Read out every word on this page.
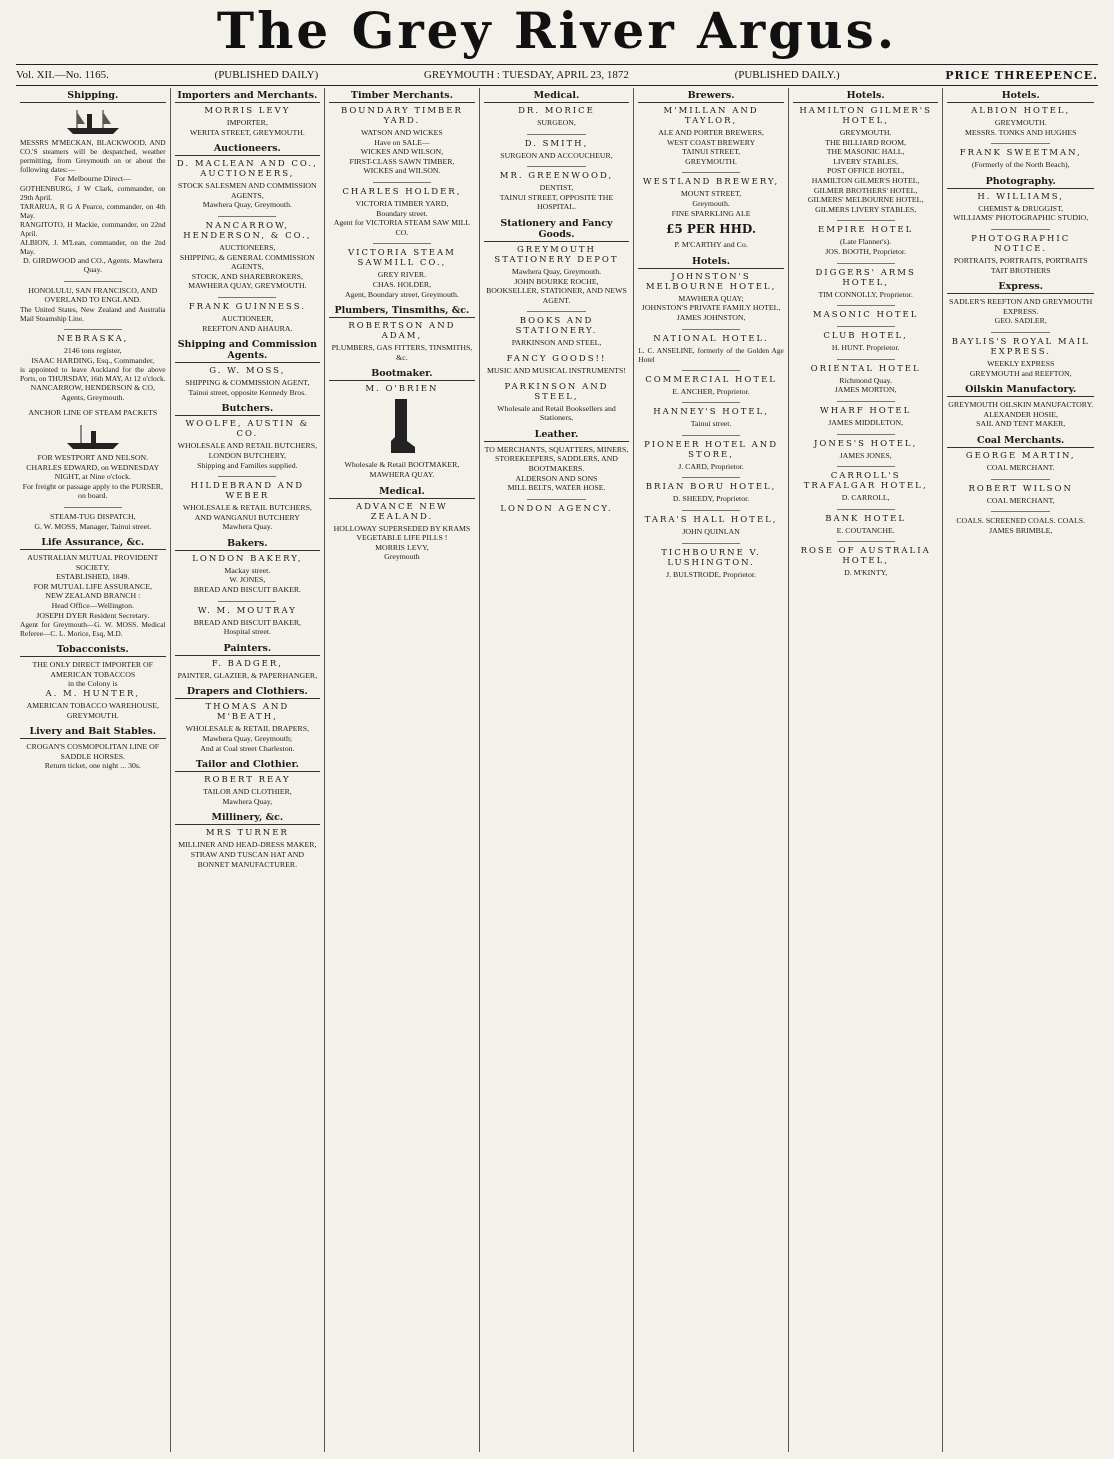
The Grey River Argus.
Vol. XII.—No. 1165.	(PUBLISHED DAILY)	GREYMOUTH : TUESDAY, APRIL 23, 1872	(PUBLISHED DAILY.)	PRICE THREEPENCE.
Shipping.
MESSRS M'MECKAN, BLACKWOOD, AND CO.'S steamers will be despatched, weather permitting, from Greymouth on or about the following dates:—
For Melbourne Direct—
GOTHENBURG, J W Clark, commander, on 29th April.
TARARUA, R G A Pearce, commander, on 4th May.
RANGITOTO, H Mackie, commander, on 22nd April.
ALBION, J. M'Lean, commander, on the 2nd May.
D. GIRDWOOD and CO., Agents. Mawhera Quay.
HONOLULU, SAN FRANCISCO, AND OVERLAND TO ENGLAND.
The United States, New Zealand and Australia Mail Steamship Line.
NEBRASKA,
2146 tons register,
ISAAC HARDING, Esq., Commander,
is appointed to leave Auckland for the above Ports, on THURSDAY, 16th MAY, At 12 o'clock.
NANCARROW, HENDERSON & CO, Agents, Greymouth.
ANCHOR LINE OF STEAM PACKETS
FOR WESTPORT AND NELSON.
CHARLES EDWARD, on WEDNESDAY NIGHT, at Nine o'clock.
For freight or passage apply to the PURSER, on board.
STEAM-TUG DISPATCH,
G. W. MOSS, Manager, Tainui street.
Life Assurance, &c.
AUSTRALIAN MUTUAL PROVIDENT SOCIETY.
ESTABLISHED, 1849.
FOR MUTUAL LIFE ASSURANCE,
NEW ZEALAND BRANCH :
Head Office—Wellington.
JOSEPH DYER Resident Secretary.
Agent for Greymouth—G. W. MOSS. Medical Referee—C. L. Morice, Esq, M.D.
Tobacconists.
THE ONLY DIRECT IMPORTER OF AMERICAN TOBACCOS
in the Colony is
A. M. HUNTER,
AMERICAN TOBACCO WAREHOUSE, GREYMOUTH.
Livery and Bait Stables.
CROGAN'S COSMOPOLITAN LINE OF SADDLE HORSES.
Return ticket, one night ... 30s.
Importers and Merchants.
MORRIS LEVY
IMPORTER,
WERITA STREET, GREYMOUTH.
Auctioneers.
D. MACLEAN AND CO., AUCTIONEERS,
STOCK SALESMEN AND COMMISSION AGENTS,
Mawhera Quay, Greymouth.
NANCARROW, HENDERSON, & CO.,
AUCTIONEERS,
SHIPPING, & GENERAL COMMISSION AGENTS,
STOCK, AND SHAREBROKERS,
MAWHERA QUAY, GREYMOUTH.
FRANK GUINNESS.
AUCTIONEER,
REEFTON AND AHAURA.
Shipping and Commission Agents.
G. W. MOSS,
SHIPPING & COMMISSION AGENT,
Tainui street, opposite Kennedy Bros.
Butchers.
WOOLFE, AUSTIN & CO.
WHOLESALE AND RETAIL BUTCHERS,
LONDON BUTCHERY,
Shipping and Families supplied.
HILDEBRAND AND WEBER
WHOLESALE & RETAIL BUTCHERS,
AND WANGANUI BUTCHERY
Mawhera Quay.
Bakers.
LONDON BAKERY,
Mackay street.
W. JONES,
BREAD AND BISCUIT BAKER.
W. M. MOUTRAY
BREAD AND BISCUIT BAKER,
Hospital street.
Painters.
F. BADGER,
PAINTER, GLAZIER, & PAPERHANGER,
Drapers and Clothiers.
THOMAS AND M'BEATH,
WHOLESALE & RETAIL DRAPERS,
Mawhera Quay, Greymouth;
And at Coal street Charleston.
Tailor and Clothier.
ROBERT REAY
TAILOR AND CLOTHIER,
Mawhera Quay,
Millinery, &c.
MRS TURNER
MILLINER AND HEAD-DRESS MAKER,
STRAW AND TUSCAN HAT AND BONNET MANUFACTURER.
Timber Merchants.
BOUNDARY TIMBER YARD.
WATSON AND WICKES
Have on SALE—
WICKES AND WILSON,
FIRST-CLASS SAWN TIMBER,
WICKES and WILSON.
CHARLES HOLDER,
VICTORIA TIMBER YARD,
Boundary street.
Agent for VICTORIA STEAM SAW MILL CO.
VICTORIA STEAM SAWMILL CO.,
GREY RIVER.
CHAS. HOLDER,
Agent, Boundary street, Greymouth.
Plumbers, Tinsmiths, &c.
ROBERTSON AND ADAM,
PLUMBERS, GAS FITTERS, TINSMITHS, &c.
Bootmaker.
M. O'BRIEN
Wholesale & Retail BOOTMAKER,
MAWHERA QUAY.
Medical.
ADVANCE NEW ZEALAND.
HOLLOWAY SUPERSEDED BY KRAMS VEGETABLE LIFE PILLS !
MORRIS LEVY,
Greymouth
Medical.
DR. MORICE
SURGEON,
D. SMITH,
SURGEON AND ACCOUCHEUR,
MR. GREENWOOD,
DENTIST,
TAINUI STREET, OPPOSITE THE HOSPITAL.
Stationery and Fancy Goods.
GREYMOUTH STATIONERY DEPOT
Mawhera Quay, Greymouth.
JOHN BOURKE ROCHE,
BOOKSELLER, STATIONER, AND NEWS AGENT.
BOOKS AND STATIONERY.
PARKINSON AND STEEL,
FANCY GOODS!!
MUSIC AND MUSICAL INSTRUMENTS!
PARKINSON AND STEEL,
Wholesale and Retail Booksellers and Stationers,
Leather.
TO MERCHANTS, SQUATTERS, MINERS, STOREKEEPERS, SADDLERS, AND BOOTMAKERS.
ALDERSON AND SONS
MILL BELTS, WATER HOSE.
LONDON AGENCY.
Brewers.
M'MILLAN AND TAYLOR,
ALE AND PORTER BREWERS,
WEST COAST BREWERY
TAINUI STREET,
GREYMOUTH.
WESTLAND BREWERY,
MOUNT STREET,
Greymouth.
FINE SPARKLING ALE
£5 PER HHD.
P. M'CARTHY and Co.
Hotels.
JOHNSTON'S MELBOURNE HOTEL,
MAWHERA QUAY;
JOHNSTON'S PRIVATE FAMILY HOTEL,
JAMES JOHNSTON,
NATIONAL HOTEL.
L. C. ANSELINE, formerly of the Golden Age Hotel
COMMERCIAL HOTEL
E. ANCHER, Proprietor.
HANNEY'S HOTEL,
Tainui street.
PIONEER HOTEL AND STORE,
J. CARD, Proprietor.
BRIAN BORU HOTEL,
D. SHEEDY, Proprietor.
TARA'S HALL HOTEL,
JOHN QUINLAN
TICHBOURNE V. LUSHINGTON.
J. BULSTRODE, Proprietor.
Hotels.
HAMILTON GILMER'S HOTEL,
GREYMOUTH.
THE BILLIARD ROOM,
THE MASONIC HALL,
LIVERY STABLES,
POST OFFICE HOTEL,
HAMILTON GILMER'S HOTEL,
GILMER BROTHERS' HOTEL,
GILMERS' MELBOURNE HOTEL,
GILMERS LIVERY STABLES,
EMPIRE HOTEL
(Late Flanner's).
JOS. BOOTH, Proprietor.
DIGGERS' ARMS HOTEL,
TIM CONNOLLY, Proprietor.
MASONIC HOTEL
CLUB HOTEL,
H. HUNT. Proprietor.
ORIENTAL HOTEL
Richmond Quay.
JAMES MORTON,
WHARF HOTEL
JAMES MIDDLETON,
JONES'S HOTEL,
JAMES JONES,
CARROLL'S TRAFALGAR HOTEL,
D. CARROLL,
BANK HOTEL
E. COUTANCHE.
ROSE OF AUSTRALIA HOTEL,
D. M'KINTY,
Hotels.
ALBION HOTEL,
GREYMOUTH.
MESSRS. TONKS AND HUGHES
FRANK SWEETMAN,
(Formerly of the North Beach),
Photography.
H. WILLIAMS,
CHEMIST & DRUGGIST,
WILLIAMS' PHOTOGRAPHIC STUDIO,
PHOTOGRAPHIC NOTICE.
PORTRAITS, PORTRAITS, PORTRAITS
TAIT BROTHERS
Express.
SADLER'S REEFTON AND GREYMOUTH EXPRESS.
GEO. SADLER,
BAYLIS'S ROYAL MAIL EXPRESS.
WEEKLY EXPRESS
GREYMOUTH and REEFTON,
Oilskin Manufactory.
GREYMOUTH OILSKIN MANUFACTORY.
ALEXANDER HOSIE,
SAIL AND TENT MAKER,
Coal Merchants.
GEORGE MARTIN,
COAL MERCHANT.
ROBERT WILSON
COAL MERCHANT,
COALS. SCREENED COALS. COALS.
JAMES BRIMBLE,
